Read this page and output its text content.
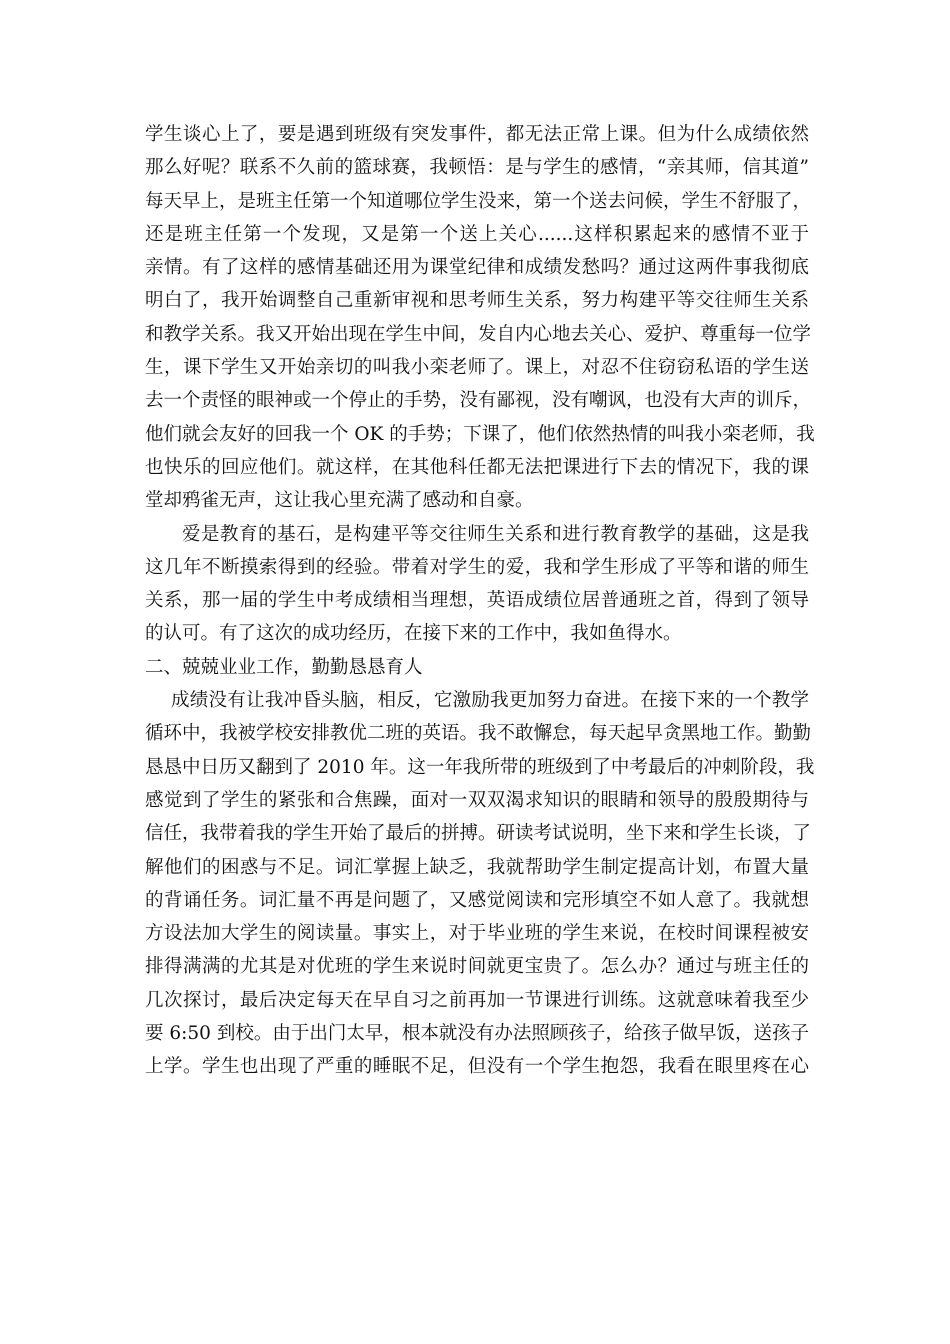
学生谈心上了，要是遇到班级有突发事件，都无法正常上课。但为什么成绩依然
那么好呢？联系不久前的篮球赛，我顿悟：是与学生的感情，“亲其师，信其道”
每天早上，是班主任第一个知道哪位学生没来，第一个送去问候，学生不舒服了，
还是班主任第一个发现，又是第一个送上关心......这样积累起来的感情不亚于
亲情。有了这样的感情基础还用为课堂纪律和成绩发愁吗？通过这两件事我彻底
明白了，我开始调整自己重新审视和思考师生关系，努力构建平等交往师生关系
和教学关系。我又开始出现在学生中间，发自内心地去关心、爱护、尊重每一位学
生，课下学生又开始亲切的叫我小栾老师了。课上，对忍不住窃窃私语的学生送
去一个责怪的眼神或一个停止的手势，没有鄙视，没有嘲讽，也没有大声的训斥，
他们就会友好的回我一个 OK 的手势；下课了，他们依然热情的叫我小栾老师，我
也快乐的回应他们。就这样，在其他科任都无法把课进行下去的情况下，我的课
堂却鸦雀无声，这让我心里充满了感动和自豪。
爱是教育的基石，是构建平等交往师生关系和进行教育教学的基础，这是我
这几年不断摸索得到的经验。带着对学生的爱，我和学生形成了平等和谐的师生
关系，那一届的学生中考成绩相当理想，英语成绩位居普通班之首，得到了领导
的认可。有了这次的成功经历，在接下来的工作中，我如鱼得水。
二、兢兢业业工作，勤勤恳恳育人
成绩没有让我冲昏头脑，相反，它激励我更加努力奋进。在接下来的一个教学
循环中，我被学校安排教优二班的英语。我不敢懈怠，每天起早贪黑地工作。勤勤
恳恳中日历又翻到了 2010 年。这一年我所带的班级到了中考最后的冲刺阶段，我
感觉到了学生的紧张和合焦躁，面对一双双渴求知识的眼睛和领导的殷殷期待与
信任，我带着我的学生开始了最后的拼搏。研读考试说明，坐下来和学生长谈，了
解他们的困惑与不足。词汇掌握上缺乏，我就帮助学生制定提高计划，布置大量
的背诵任务。词汇量不再是问题了，又感觉阅读和完形填空不如人意了。我就想
方设法加大学生的阅读量。事实上，对于毕业班的学生来说，在校时间课程被安
排得满满的尤其是对优班的学生来说时间就更宝贵了。怎么办？通过与班主任的
几次探讨，最后决定每天在早自习之前再加一节课进行训练。这就意味着我至少
要 6:50 到校。由于出门太早，根本就没有办法照顾孩子，给孩子做早饭，送孩子
上学。学生也出现了严重的睡眠不足，但没有一个学生抱怨，我看在眼里疼在心
